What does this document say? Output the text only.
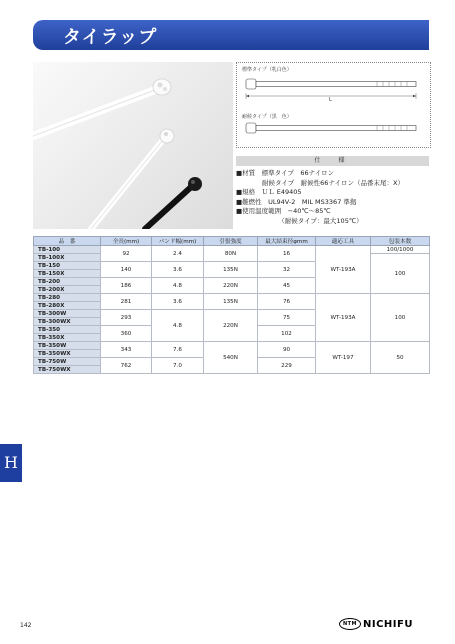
タイラップ
標準タイプ（乳白色）
L
耐候タイプ（黒　色）
仕　様
■材質　標準タイプ　66ナイロン
　　　　耐候タイプ　耐候性66ナイロン（品番末尾：X）
■規格　ＵＬ E49405
■難燃性　UL94V-2　MIL MS3367 準拠
■使用温度範囲　−40℃〜85℃
　　　　　　　（耐候タイプ：最大105℃）
品　番	全長(mm)	バンド幅(mm)	引張強度	最大結束径φmm	適応工具	包装本数
TB-100	92	2.4	80N	16	WT-193A	100/1000
TB-100X						100
TB-150	140	3.6	135N	32		
TB-150X						
TB-200	186	4.8	220N	45		
TB-200X						
TB-280	281	3.6	135N	76	WT-193A	100
TB-280X						
TB-300W	293	4.8	220N	75		
TB-300WX						
TB-350	360			102		
TB-350X						
TB-350W	343	7.6	540N	90	WT-197	50
TB-350WX						
TB-750W	762	7.0		229		
TB-750WX						
H
142	NTM NICHIFU
